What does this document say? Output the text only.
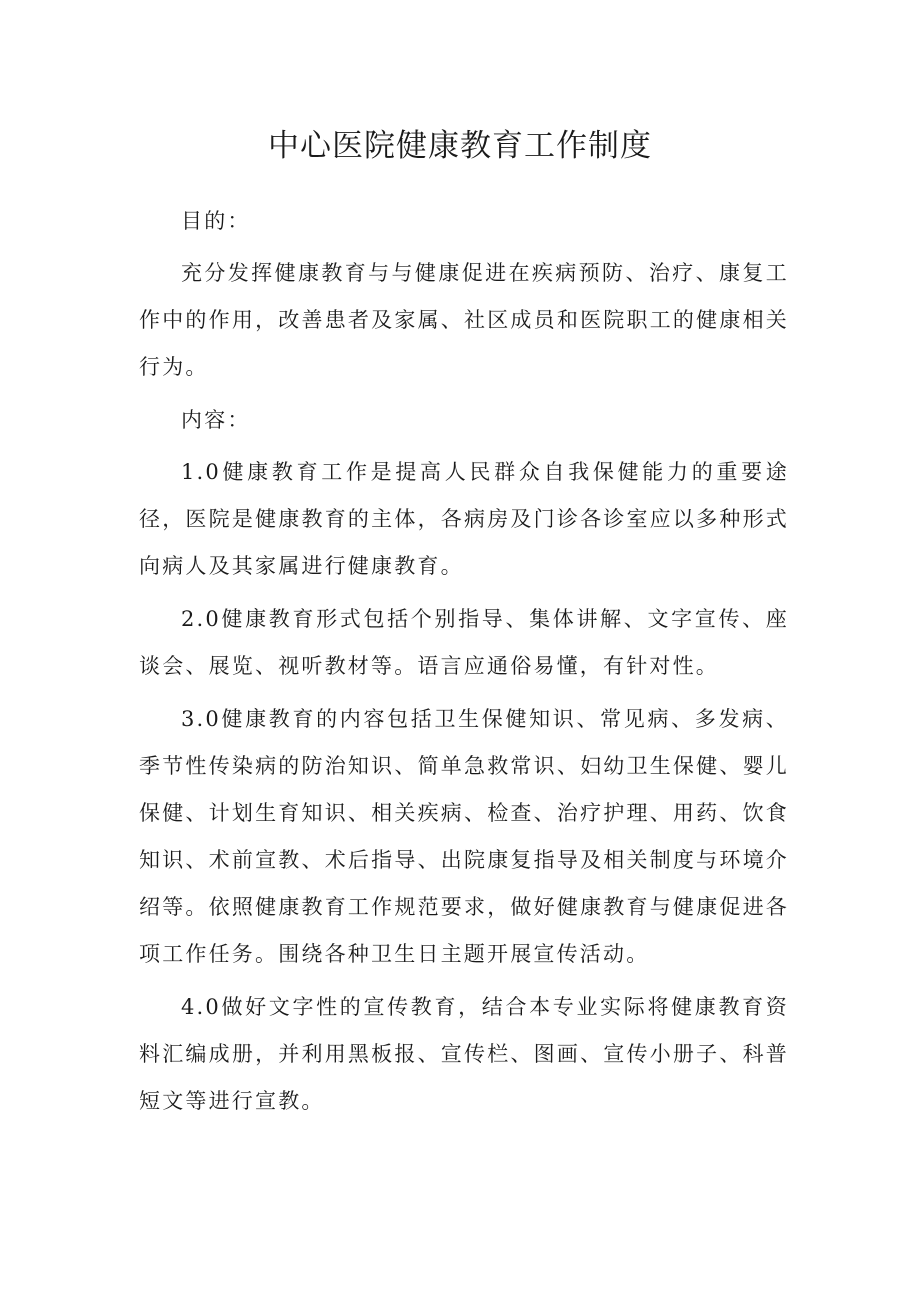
中心医院健康教育工作制度

目的：

充分发挥健康教育与与健康促进在疾病预防、治疗、康复工作中的作用，改善患者及家属、社区成员和医院职工的健康相关行为。

内容：

1.0健康教育工作是提高人民群众自我保健能力的重要途径，医院是健康教育的主体，各病房及门诊各诊室应以多种形式向病人及其家属进行健康教育。

2.0健康教育形式包括个别指导、集体讲解、文字宣传、座谈会、展览、视听教材等。语言应通俗易懂，有针对性。

3.0健康教育的内容包括卫生保健知识、常见病、多发病、季节性传染病的防治知识、简单急救常识、妇幼卫生保健、婴儿保健、计划生育知识、相关疾病、检查、治疗护理、用药、饮食知识、术前宣教、术后指导、出院康复指导及相关制度与环境介绍等。依照健康教育工作规范要求，做好健康教育与健康促进各项工作任务。围绕各种卫生日主题开展宣传活动。

4.0做好文字性的宣传教育，结合本专业实际将健康教育资料汇编成册，并利用黑板报、宣传栏、图画、宣传小册子、科普短文等进行宣教。
